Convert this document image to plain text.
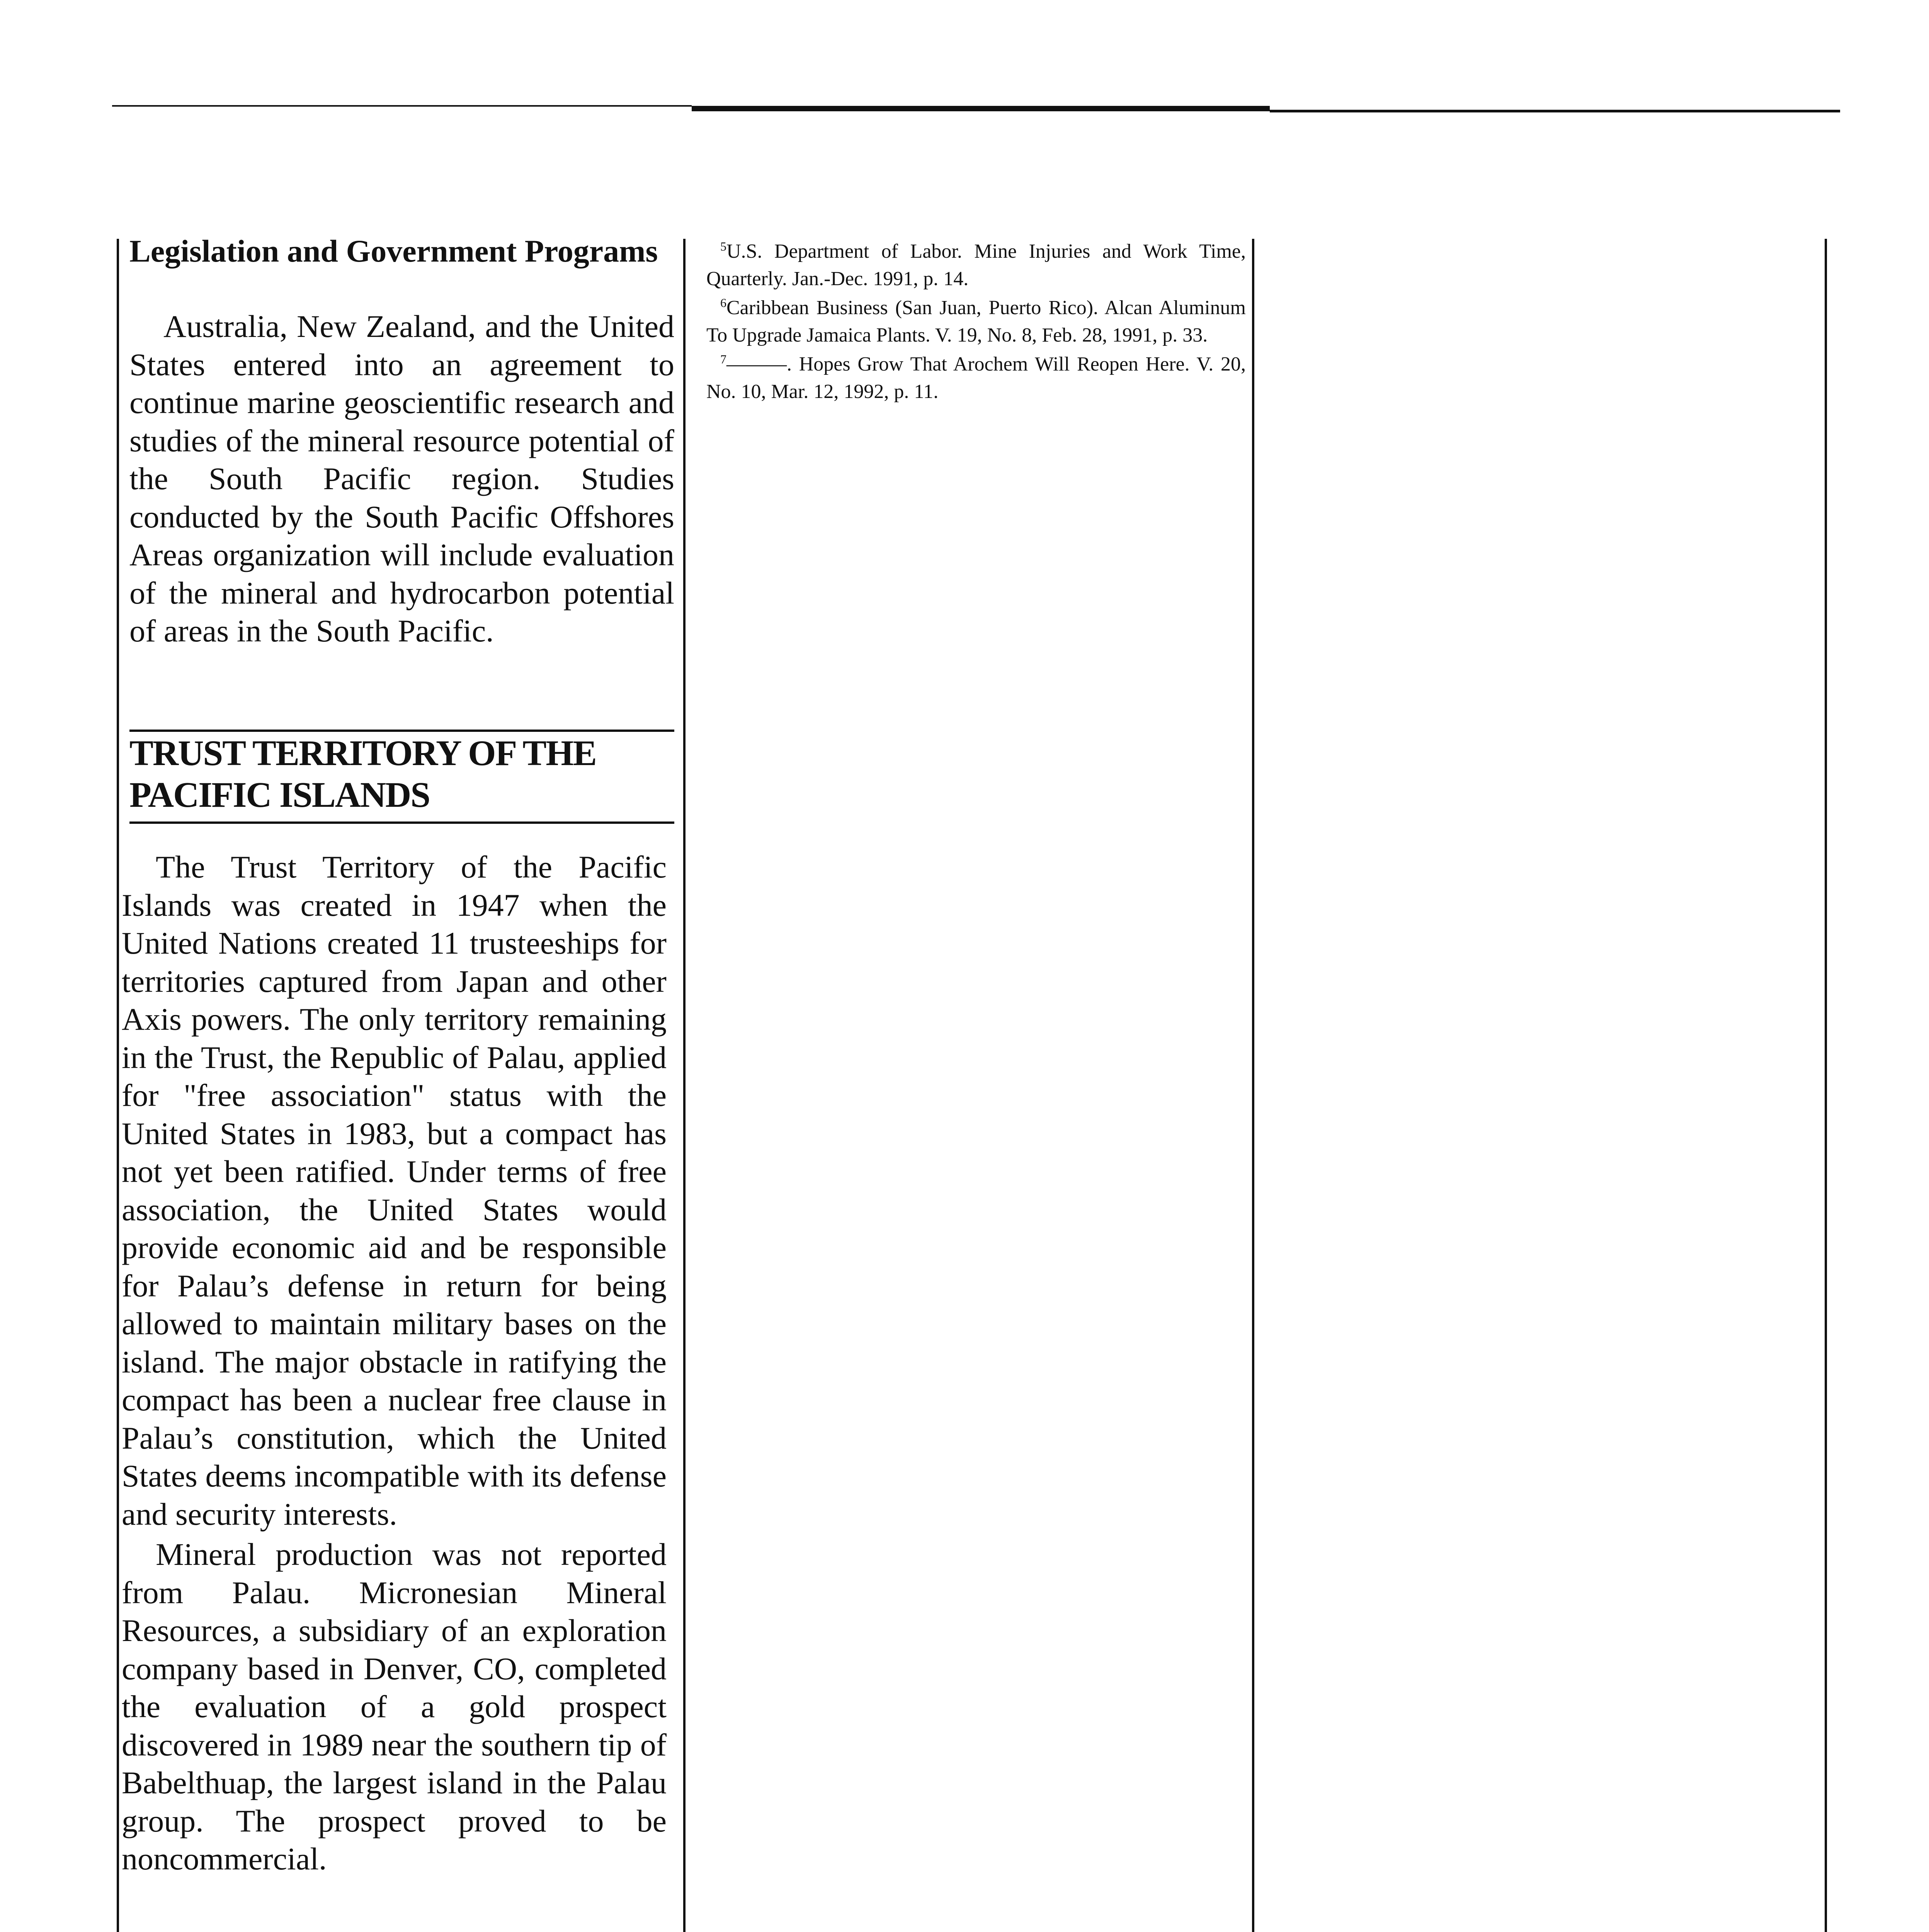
Legislation and Government Programs

Australia, New Zealand, and the United States entered into an agreement to continue marine geoscientific research and studies of the mineral resource potential of the South Pacific region. Studies conducted by the South Pacific Offshores Areas organization will include evaluation of the mineral and hydrocarbon potential of areas in the South Pacific.

TRUST TERRITORY OF THE PACIFIC ISLANDS

The Trust Territory of the Pacific Islands was created in 1947 when the United Nations created 11 trusteeships for territories captured from Japan and other Axis powers. The only territory remaining in the Trust, the Republic of Palau, applied for "free association" status with the United States in 1983, but a compact has not yet been ratified. Under terms of free association, the United States would provide economic aid and be responsible for Palau’s defense in return for being allowed to maintain military bases on the island. The major obstacle in ratifying the compact has been a nuclear free clause in Palau’s constitution, which the United States deems incompatible with its defense and security interests.

Mineral production was not reported from Palau. Micronesian Mineral Resources, a subsidiary of an exploration company based in Denver, CO, completed the evaluation of a gold prospect discovered in 1989 near the southern tip of Babelthuap, the largest island in the Palau group. The prospect proved to be noncommercial.

$^5$U.S. Department of Labor. Mine Injuries and Work Time, Quarterly. Jan.-Dec. 1991, p. 14.

$^6$Caribbean Business (San Juan, Puerto Rico). Alcan Aluminum To Upgrade Jamaica Plants. V. 19, No. 8, Feb. 28, 1991, p. 33.

$^7$———. Hopes Grow That Arochem Will Reopen Here. V. 20, No. 10, Mar. 12, 1992, p. 11.
